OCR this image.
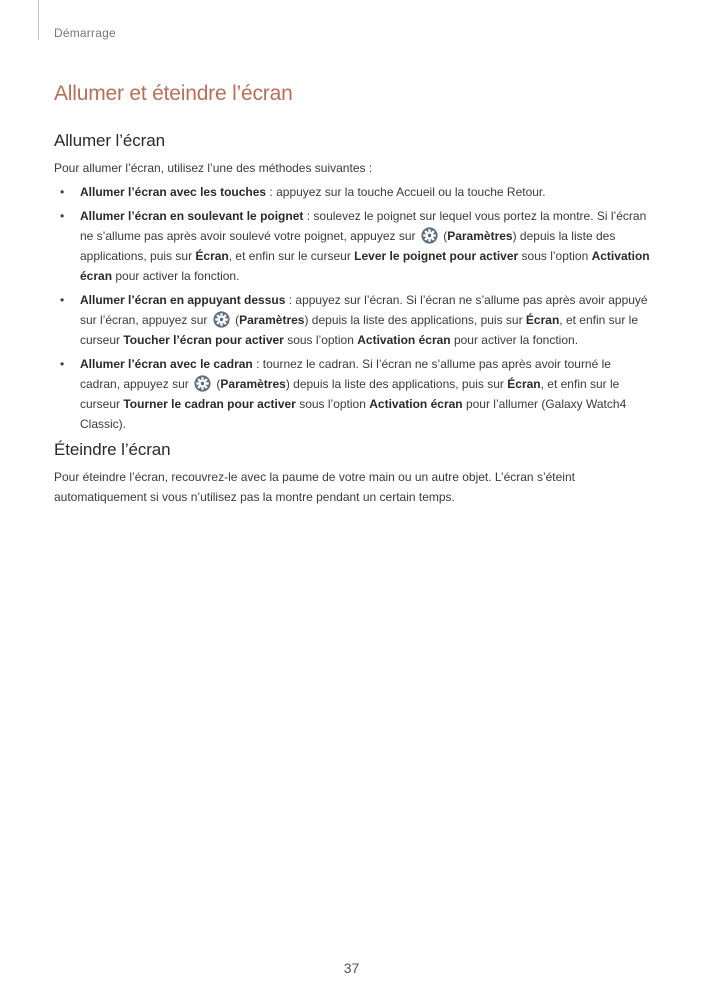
Démarrage
Allumer et éteindre l’écran
Allumer l’écran

Pour allumer l’écran, utilisez l’une des méthodes suivantes :

• Allumer l’écran avec les touches : appuyez sur la touche Accueil ou la touche Retour.
• Allumer l’écran en soulevant le poignet : soulevez le poignet sur lequel vous portez la montre. Si l’écran ne s’allume pas après avoir soulevé votre poignet, appuyez sur  (Paramètres) depuis la liste des applications, puis sur Écran, et enfin sur le curseur Lever le poignet pour activer sous l’option Activation écran pour activer la fonction.
• Allumer l’écran en appuyant dessus : appuyez sur l’écran. Si l’écran ne s’allume pas après avoir appuyé sur l’écran, appuyez sur  (Paramètres) depuis la liste des applications, puis sur Écran, et enfin sur le curseur Toucher l’écran pour activer sous l’option Activation écran pour activer la fonction.
• Allumer l’écran avec le cadran : tournez le cadran. Si l’écran ne s’allume pas après avoir tourné le cadran, appuyez sur  (Paramètres) depuis la liste des applications, puis sur Écran, et enfin sur le curseur Tourner le cadran pour activer sous l’option Activation écran pour l’allumer (Galaxy Watch4 Classic).
Éteindre l’écran

Pour éteindre l’écran, recouvrez-le avec la paume de votre main ou un autre objet. L’écran s’éteint automatiquement si vous n’utilisez pas la montre pendant un certain temps.

37
